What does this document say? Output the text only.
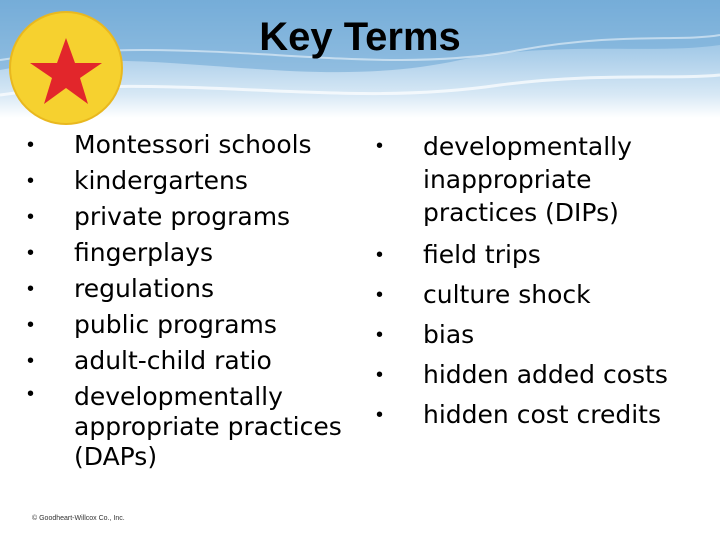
Key Terms
• Montessori schools
• kindergartens
• private programs
• fingerplays
• regulations
• public programs
• adult-child ratio
• developmentally appropriate practices (DAPs)
• developmentally inappropriate practices (DIPs)
• field trips
• culture shock
• bias
• hidden added costs
• hidden cost credits
© Goodheart-Willcox Co., Inc.
